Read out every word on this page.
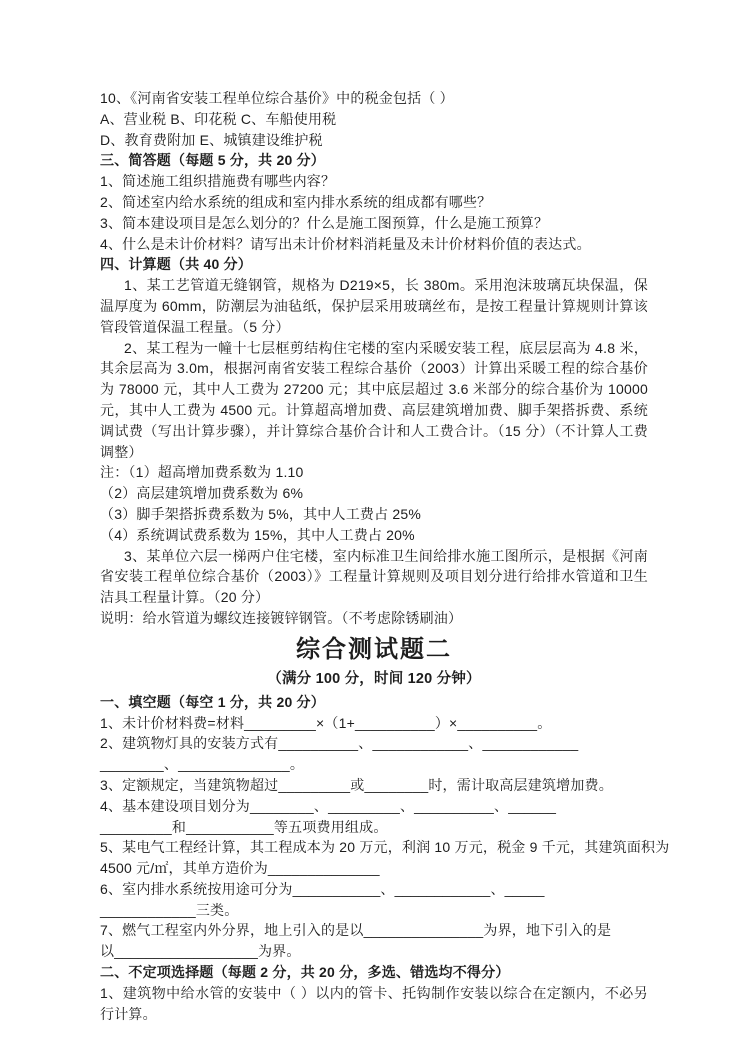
10、《河南省安装工程单位综合基价》中的税金包括（ ）

A、营业税 B、印花税 C、车船使用税

D、教育费附加 E、城镇建设维护税

三、简答题（每题 5 分，共 20 分）

1、简述施工组织措施费有哪些内容？

2、简述室内给水系统的组成和室内排水系统的组成都有哪些？

3、简本建设项目是怎么划分的？什么是施工图预算，什么是施工预算？

4、什么是未计价材料？请写出未计价材料消耗量及未计价材料价值的表达式。

四、计算题（共 40 分）

1、某工艺管道无缝钢管，规格为 D219×5，长 380m。采用泡沫玻璃瓦块保温，保温厚度为 60mm，防潮层为油毡纸，保护层采用玻璃丝布，是按工程量计算规则计算该管段管道保温工程量。（5 分）

2、某工程为一幢十七层框剪结构住宅楼的室内采暖安装工程，底层层高为 4.8 米，其余层高为 3.0m，根据河南省安装工程综合基价（2003）计算出采暖工程的综合基价为 78000 元，其中人工费为 27200 元；其中底层超过 3.6 米部分的综合基价为 10000 元，其中人工费为 4500 元。计算超高增加费、高层建筑增加费、脚手架搭拆费、系统调试费（写出计算步骤），并计算综合基价合计和人工费合计。（15 分）（不计算人工费调整）

注：（1）超高增加费系数为 1.10

（2）高层建筑增加费系数为 6%

（3）脚手架搭拆费系数为 5%，其中人工费占 25%

（4）系统调试费系数为 15%，其中人工费占 20%

3、某单位六层一梯两户住宅楼，室内标准卫生间给排水施工图所示，是根据《河南省安装工程单位综合基价（2003）》工程量计算规则及项目划分进行给排水管道和卫生洁具工程量计算。（20 分）

说明：给水管道为螺纹连接镀锌钢管。（不考虑除锈刷油）

综合测试题二

（满分 100 分，时间 120 分钟）

一、填空题（每空 1 分，共 20 分）

1、未计价材料费=材料_________×（1+__________）×__________。

2、建筑物灯具的安装方式有__________、____________、____________

________、______________。

3、定额规定，当建筑物超过_________或________时，需计取高层建筑增加费。

4、基本建设项目划分为________、_________、__________、______

_________和___________等五项费用组成。

5、某电气工程经计算，其工程成本为 20 万元，利润 10 万元，税金 9 千元，其建筑面积为

4500 元/㎡，其单方造价为______________

6、室内排水系统按用途可分为___________、____________、_____

____________三类。

7、燃气工程室内外分界，地上引入的是以_______________为界，地下引入的是

以__________________为界。

二、不定项选择题（每题 2 分，共 20 分，多选、错选均不得分）

1、建筑物中给水管的安装中（ ）以内的管卡、托钩制作安装以综合在定额内，不必另行计算。
